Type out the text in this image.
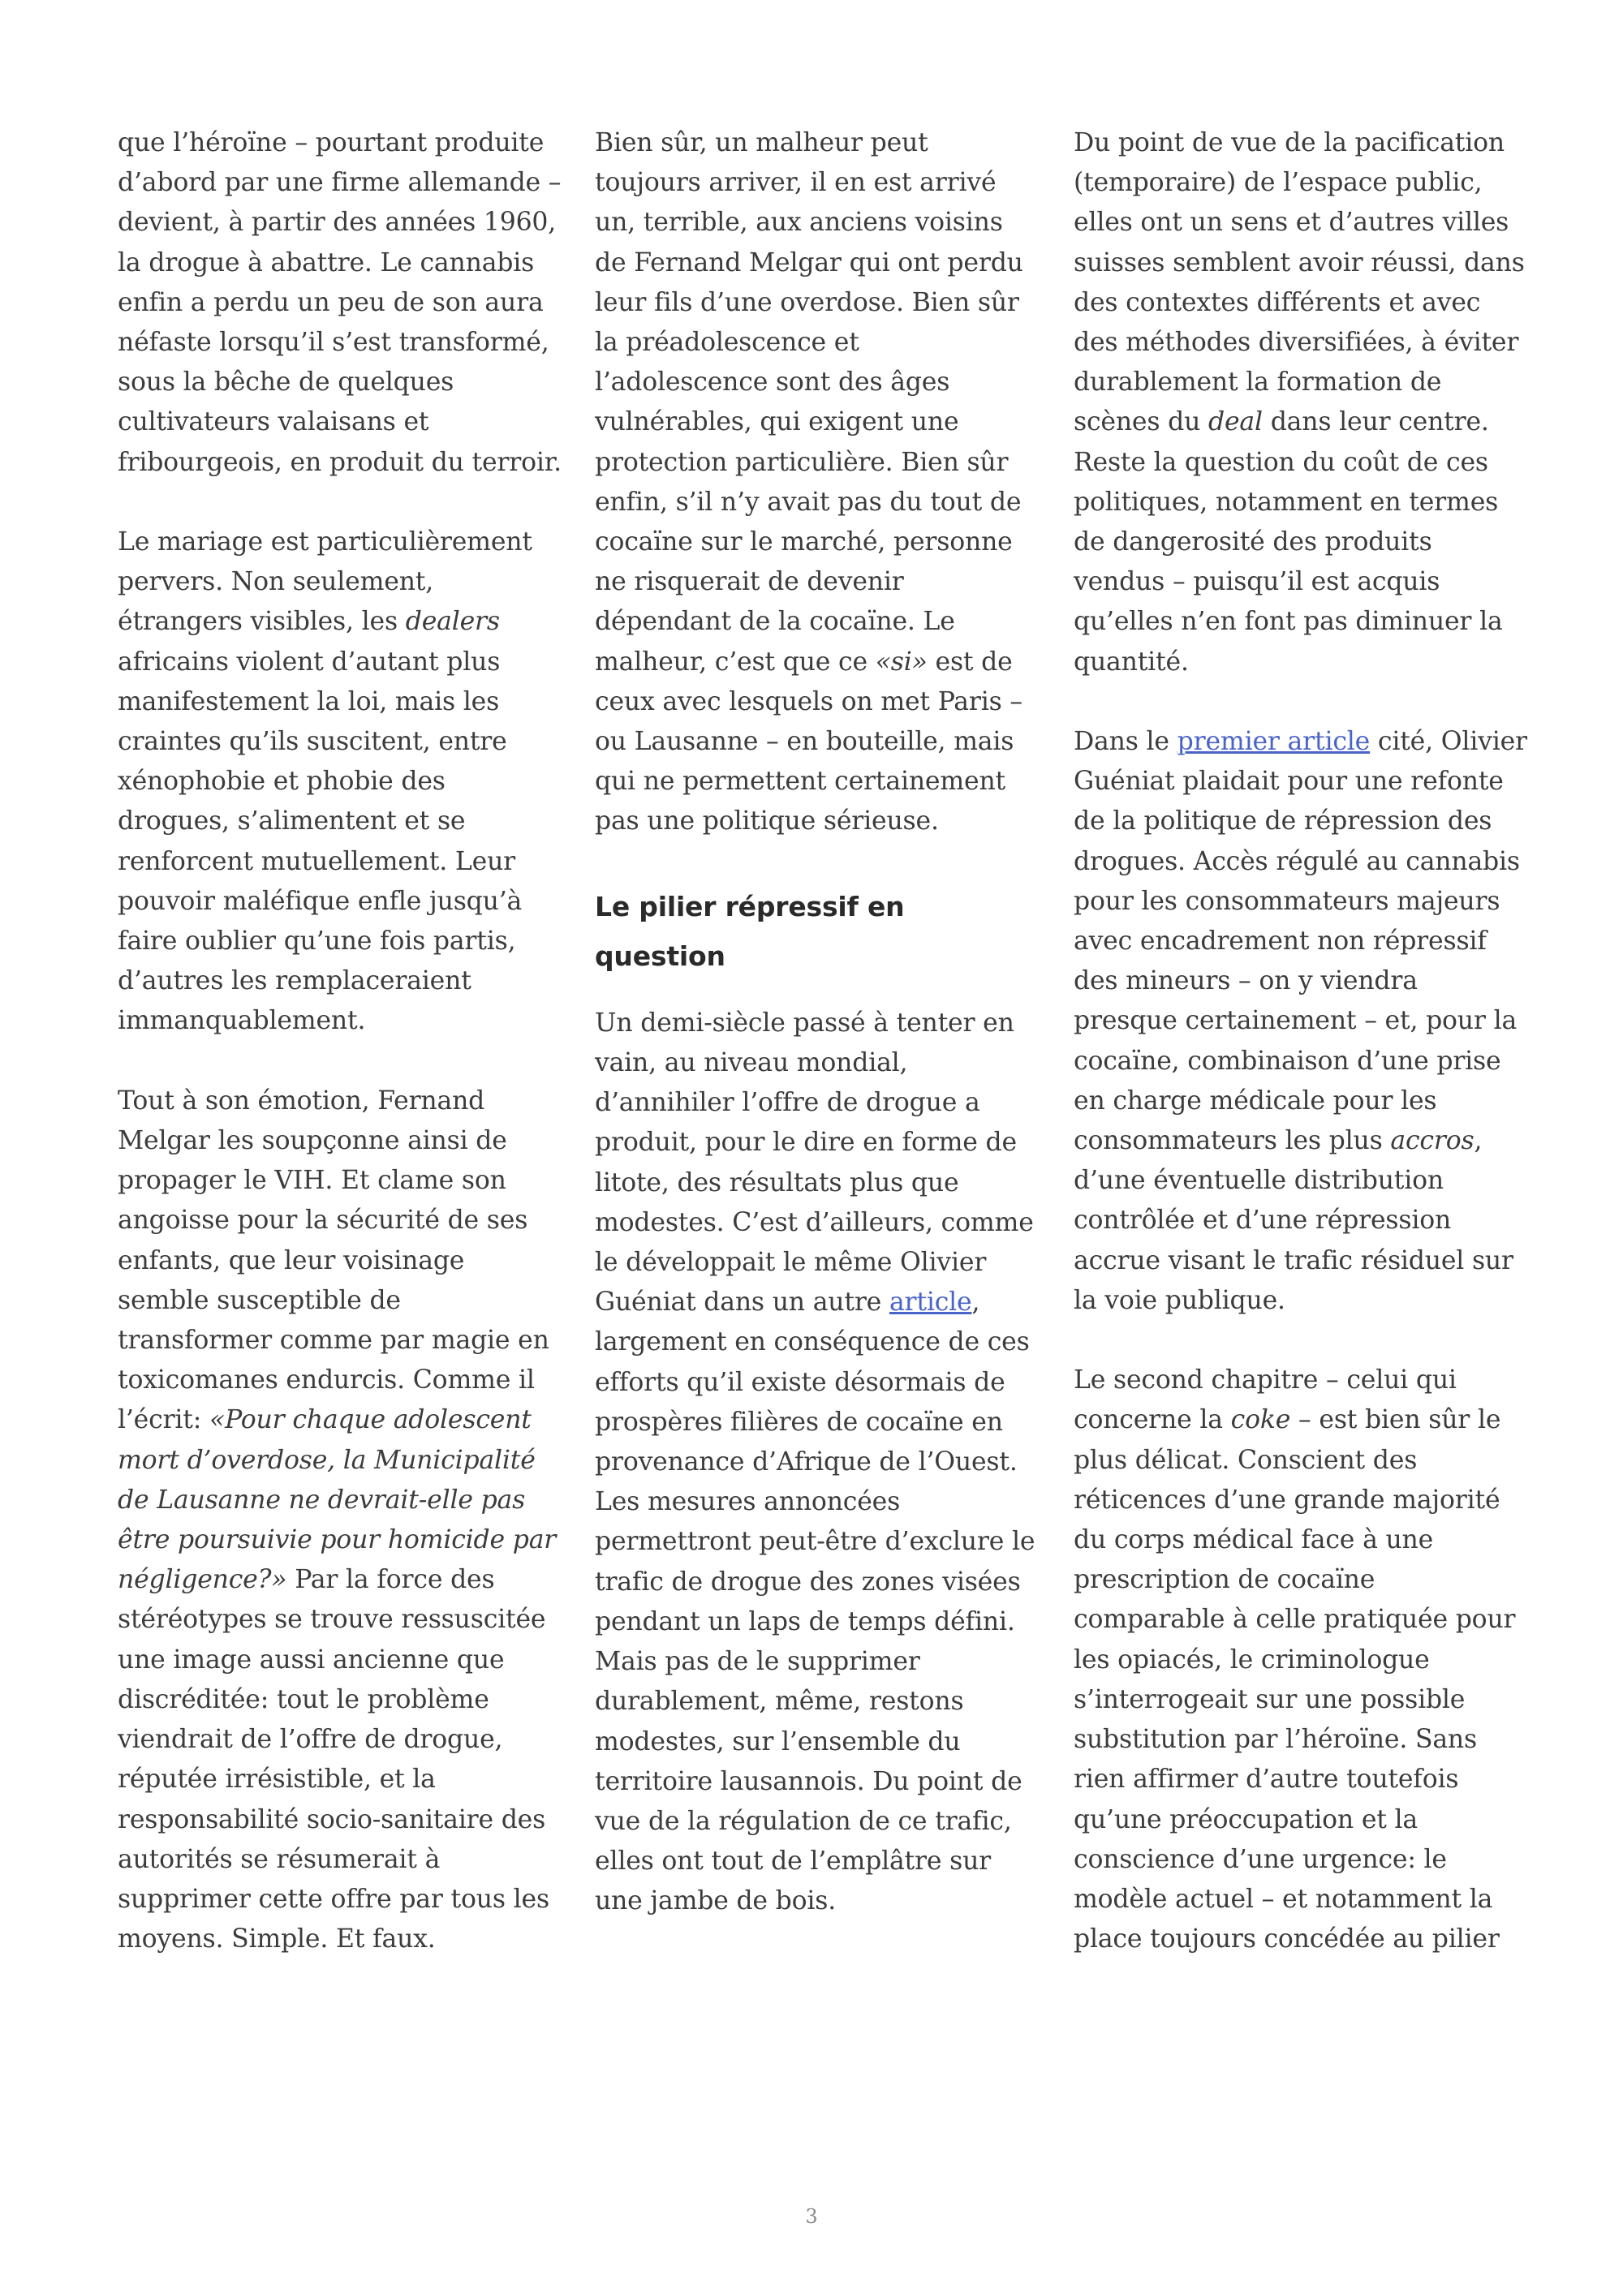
que l’héroïne – pourtant produite d’abord par une firme allemande – devient, à partir des années 1960, la drogue à abattre. Le cannabis enfin a perdu un peu de son aura néfaste lorsqu’il s’est transformé, sous la bêche de quelques cultivateurs valaisans et fribourgeois, en produit du terroir.

Le mariage est particulièrement pervers. Non seulement, étrangers visibles, les dealers africains violent d’autant plus manifestement la loi, mais les craintes qu’ils suscitent, entre xénophobie et phobie des drogues, s’alimentent et se renforcent mutuellement. Leur pouvoir maléfique enfle jusqu’à faire oublier qu’une fois partis, d’autres les remplaceraient immanquablement.

Tout à son émotion, Fernand Melgar les soupçonne ainsi de propager le VIH. Et clame son angoisse pour la sécurité de ses enfants, que leur voisinage semble susceptible de transformer comme par magie en toxicomanes endurcis. Comme il l’écrit: «Pour chaque adolescent mort d’overdose, la Municipalité de Lausanne ne devrait-elle pas être poursuivie pour homicide par négligence?» Par la force des stéréotypes se trouve ressuscitée une image aussi ancienne que discréditée: tout le problème viendrait de l’offre de drogue, réputée irrésistible, et la responsabilité socio-sanitaire des autorités se résumerait à supprimer cette offre par tous les moyens. Simple. Et faux.

Bien sûr, un malheur peut toujours arriver, il en est arrivé un, terrible, aux anciens voisins de Fernand Melgar qui ont perdu leur fils d’une overdose. Bien sûr la préadolescence et l’adolescence sont des âges vulnérables, qui exigent une protection particulière. Bien sûr enfin, s’il n’y avait pas du tout de cocaïne sur le marché, personne ne risquerait de devenir dépendant de la cocaïne. Le malheur, c’est que ce «si» est de ceux avec lesquels on met Paris – ou Lausanne – en bouteille, mais qui ne permettent certainement pas une politique sérieuse.

Le pilier répressif en question

Un demi-siècle passé à tenter en vain, au niveau mondial, d’annihiler l’offre de drogue a produit, pour le dire en forme de litote, des résultats plus que modestes. C’est d’ailleurs, comme le développait le même Olivier Guéniat dans un autre article, largement en conséquence de ces efforts qu’il existe désormais de prospères filières de cocaïne en provenance d’Afrique de l’Ouest. Les mesures annoncées permettront peut-être d’exclure le trafic de drogue des zones visées pendant un laps de temps défini. Mais pas de le supprimer durablement, même, restons modestes, sur l’ensemble du territoire lausannois. Du point de vue de la régulation de ce trafic, elles ont tout de l’emplâtre sur une jambe de bois.

Du point de vue de la pacification (temporaire) de l’espace public, elles ont un sens et d’autres villes suisses semblent avoir réussi, dans des contextes différents et avec des méthodes diversifiées, à éviter durablement la formation de scènes du deal dans leur centre. Reste la question du coût de ces politiques, notamment en termes de dangerosité des produits vendus – puisqu’il est acquis qu’elles n’en font pas diminuer la quantité.

Dans le premier article cité, Olivier Guéniat plaidait pour une refonte de la politique de répression des drogues. Accès régulé au cannabis pour les consommateurs majeurs avec encadrement non répressif des mineurs – on y viendra presque certainement – et, pour la cocaïne, combinaison d’une prise en charge médicale pour les consommateurs les plus accros, d’une éventuelle distribution contrôlée et d’une répression accrue visant le trafic résiduel sur la voie publique.

Le second chapitre – celui qui concerne la coke – est bien sûr le plus délicat. Conscient des réticences d’une grande majorité du corps médical face à une prescription de cocaïne comparable à celle pratiquée pour les opiacés, le criminologue s’interrogeait sur une possible substitution par l’héroïne. Sans rien affirmer d’autre toutefois qu’une préoccupation et la conscience d’une urgence: le modèle actuel – et notamment la place toujours concédée au pilier

3
